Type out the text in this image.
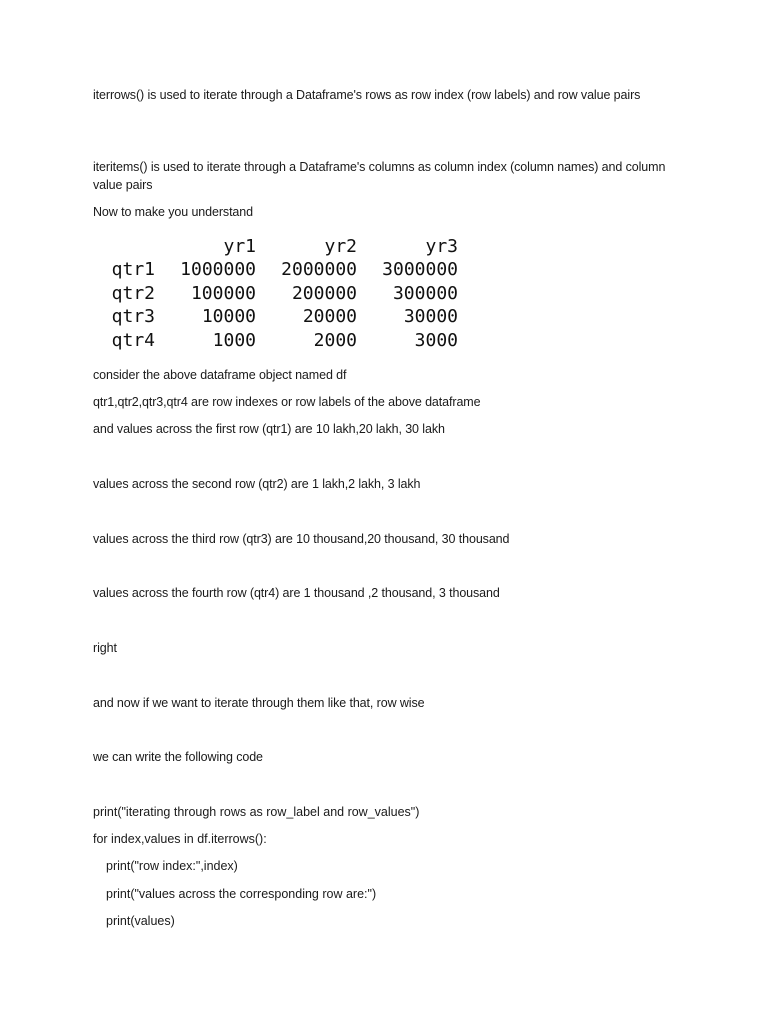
iterrows() is used to iterate through a Dataframe's rows as row index (row labels) and row value pairs

iteritems() is used to iterate through a Dataframe's columns as column index (column names) and column value pairs

Now to make you understand

	yr1	yr2	yr3
qtr1	1000000	2000000	3000000
qtr2	100000	200000	300000
qtr3	10000	20000	30000
qtr4	1000	2000	3000

consider the above dataframe object named df

qtr1,qtr2,qtr3,qtr4 are row indexes or row labels of the above dataframe

and values across the first row (qtr1) are 10 lakh,20 lakh, 30 lakh

values across the second row (qtr2) are 1 lakh,2 lakh, 3 lakh

values across the third row (qtr3) are 10 thousand,20 thousand, 30 thousand

values across the fourth row (qtr4) are 1 thousand ,2 thousand, 3 thousand

right

and now if we want to iterate through them like that, row wise

we can write the following code

print("iterating through rows as row_label and row_values")

for index,values in df.iterrows():

print("row index:",index)

print("values across the corresponding row are:")

print(values)
